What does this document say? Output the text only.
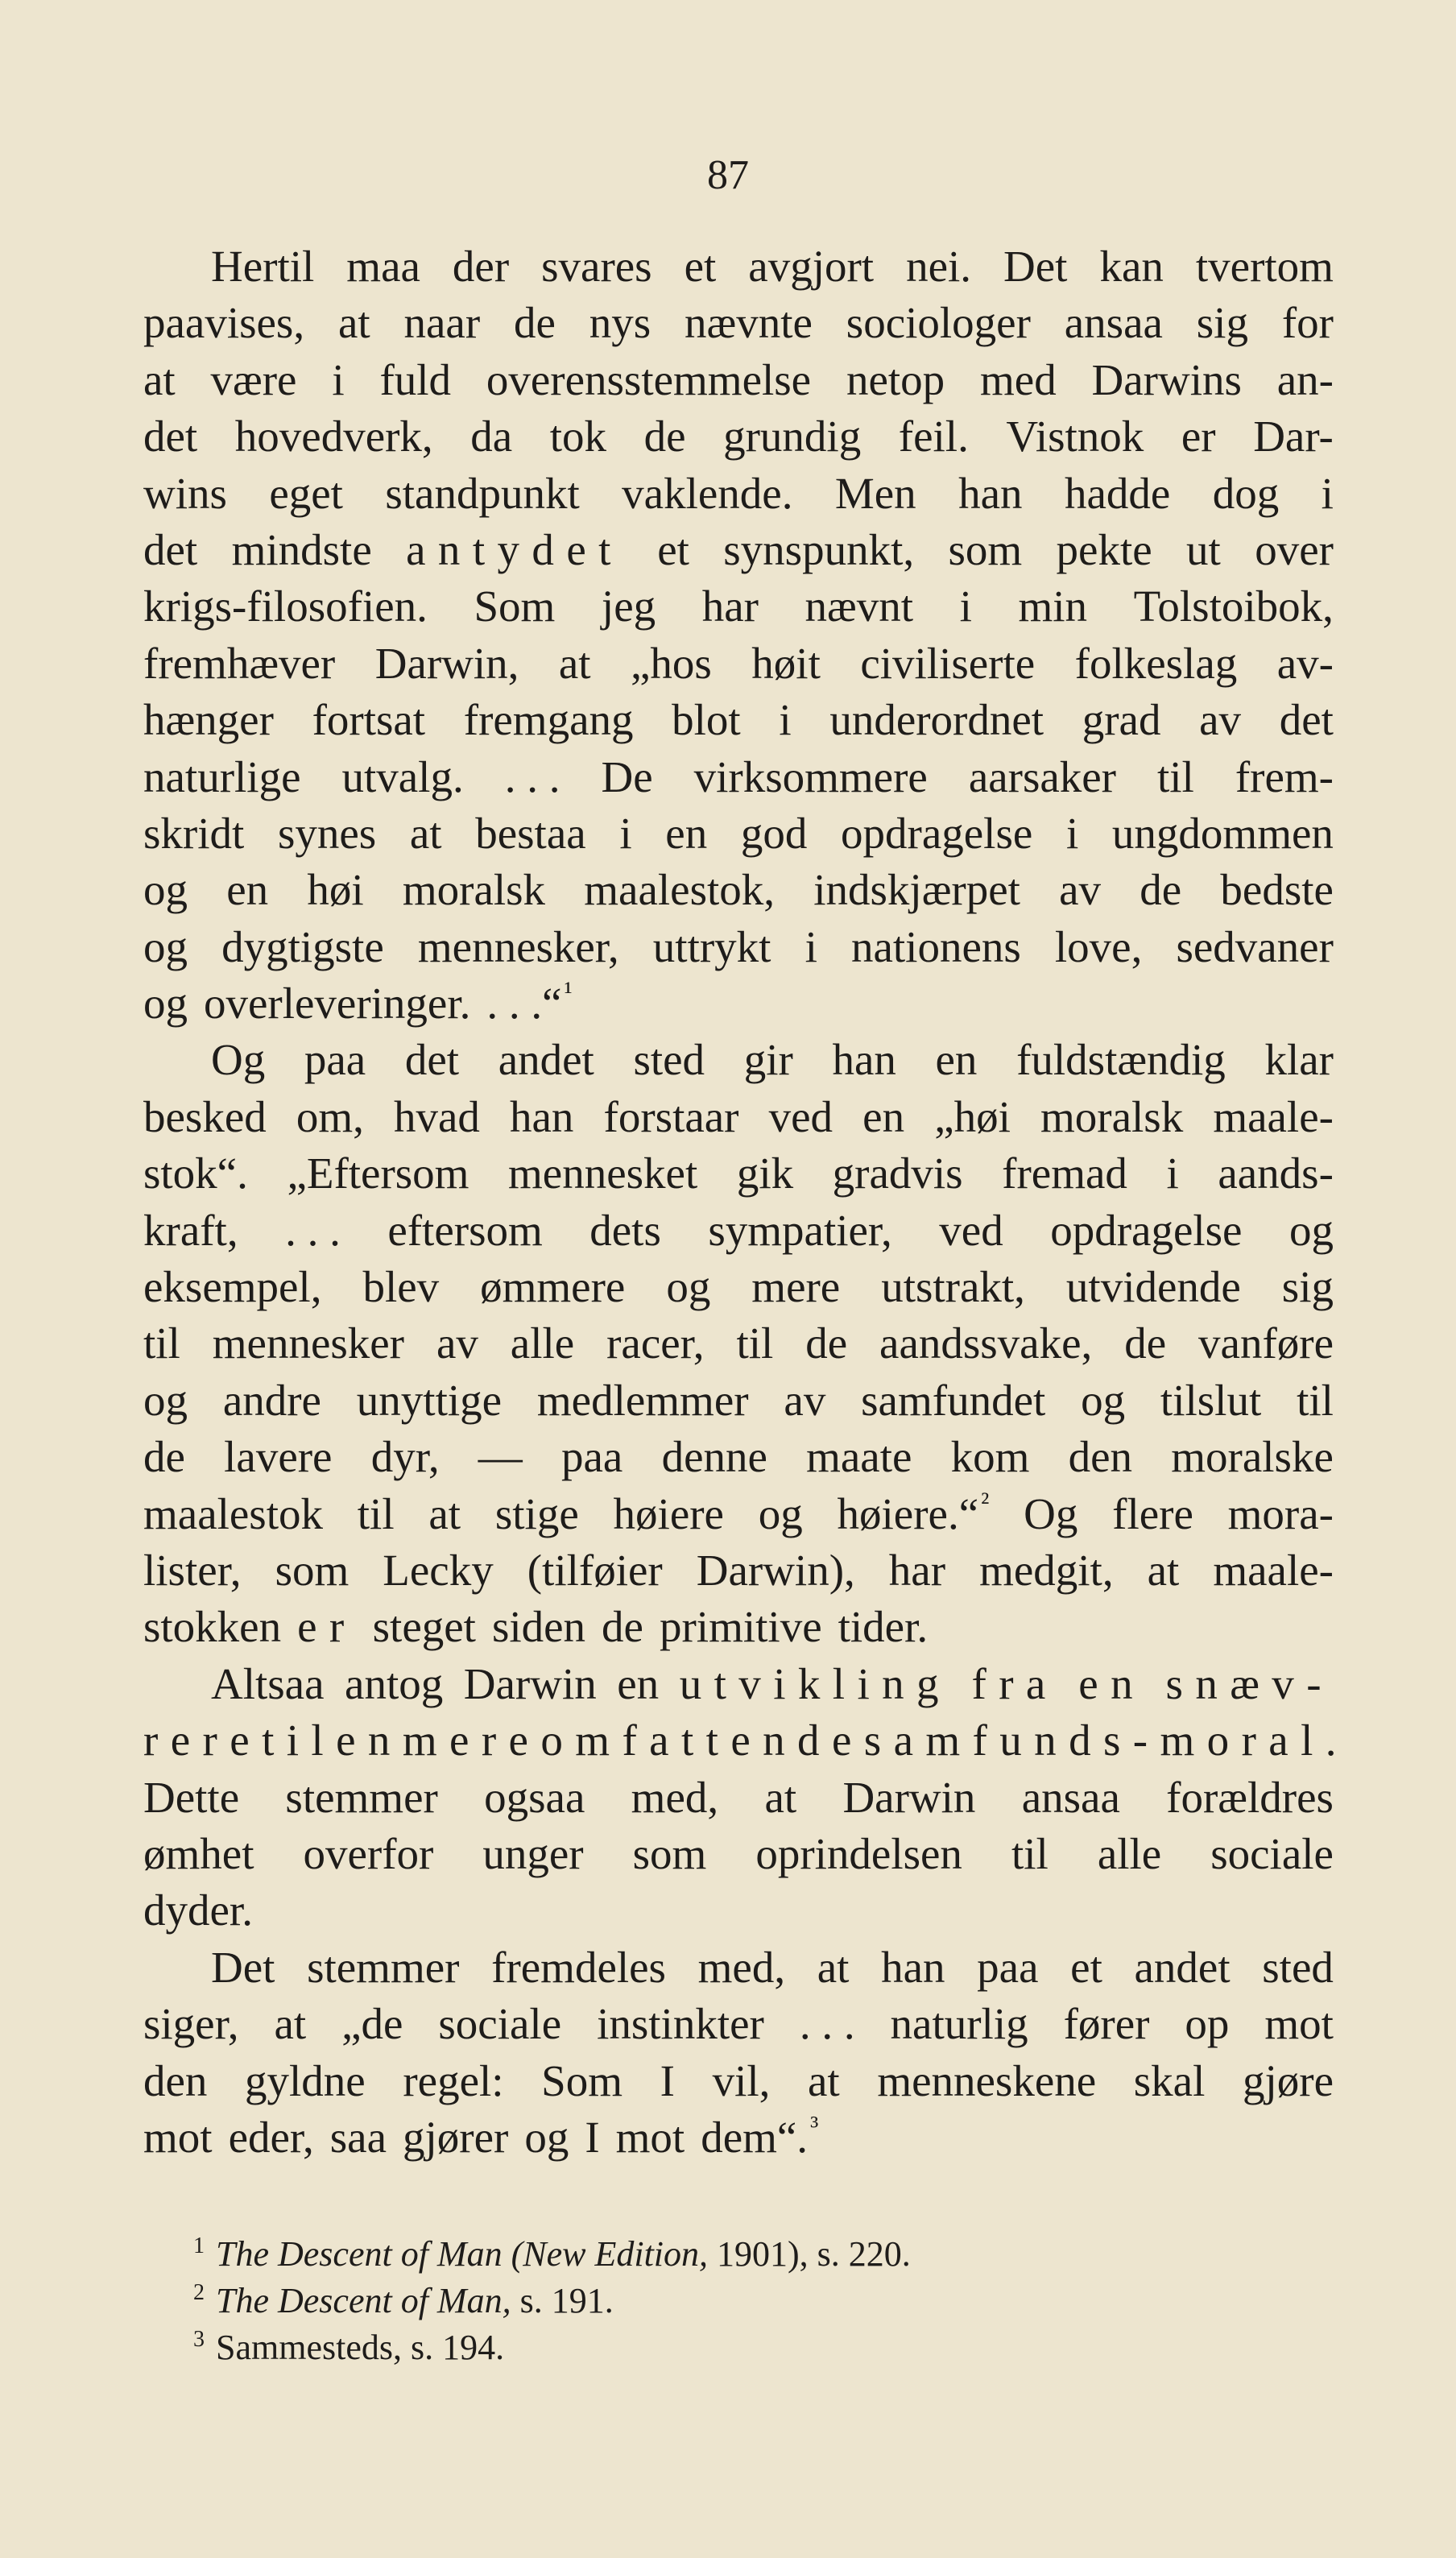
87
Hertil maa der svares et avgjort nei. Det kan tvertom
paavises, at naar de nys nævnte sociologer ansaa sig for
at være i fuld overensstemmelse netop med Darwins an-
det hovedverk, da tok de grundig feil. Vistnok er Dar-
wins eget standpunkt vaklende. Men han hadde dog i
det mindste antydet et synspunkt, som pekte ut over
krigs-filosofien. Som jeg har nævnt i min Tolstoibok,
fremhæver Darwin, at „hos høit civiliserte folkeslag av-
hænger fortsat fremgang blot i underordnet grad av det
naturlige utvalg. . . . De virksommere aarsaker til frem-
skridt synes at bestaa i en god opdragelse i ungdommen
og en høi moralsk maalestok, indskjærpet av de bedste
og dygtigste mennesker, uttrykt i nationens love, sedvaner
og overleveringer. . . .“$^{^1}$
Og paa det andet sted gir han en fuldstændig klar
besked om, hvad han forstaar ved en „høi moralsk maale-
stok“. „Eftersom mennesket gik gradvis fremad i aands-
kraft, . . . eftersom dets sympatier, ved opdragelse og
eksempel, blev ømmere og mere utstrakt, utvidende sig
til mennesker av alle racer, til de aandssvake, de vanføre
og andre unyttige medlemmer av samfundet og tilslut til
de lavere dyr, — paa denne maate kom den moralske
maalestok til at stige høiere og høiere.“$^{^2}$ Og flere mora-
lister, som Lecky (tilføier Darwin), har medgit, at maale-
stokken er steget siden de primitive tider.
Altsaa antog Darwin en utvikling fra en snæv-
rere til en mere omfattende samfunds-moral.
Dette stemmer ogsaa med, at Darwin ansaa forældres
ømhet overfor unger som oprindelsen til alle sociale
dyder.
Det stemmer fremdeles med, at han paa et andet sted
siger, at „de sociale instinkter . . . naturlig fører op mot
den gyldne regel: Som I vil, at menneskene skal gjøre
mot eder, saa gjører og I mot dem“.$^{^3}$
$^1$ The Descent of Man (New Edition, 1901), s. 220.
$^2$ The Descent of Man, s. 191.
$^3$ Sammesteds, s. 194.
